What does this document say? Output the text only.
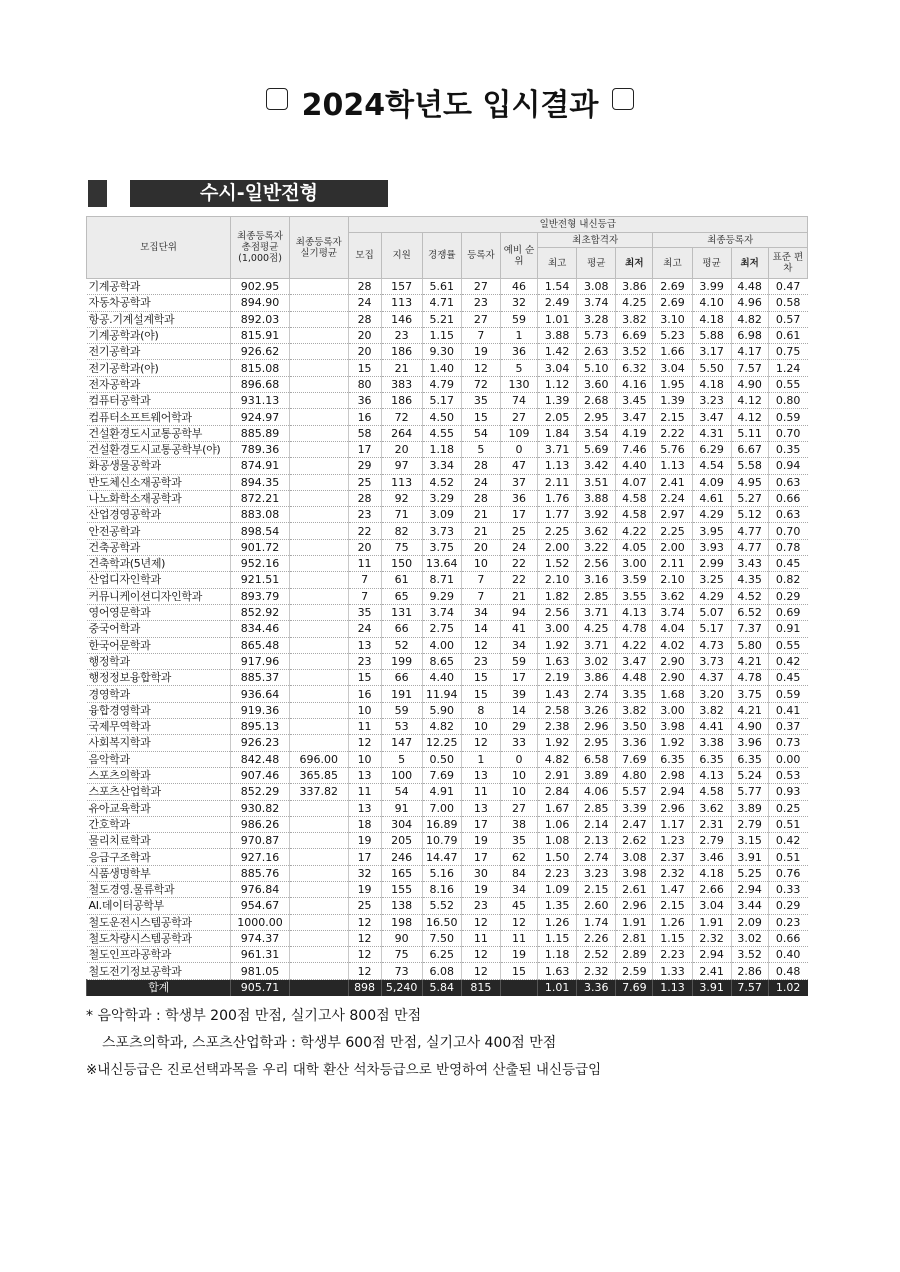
2024학년도 입시결과
수시-일반전형
모집단위	최종등록자 총점평균 (1,000점)	최종등록자 실기평균	일반전형 내신등급											
			모집	지원	경쟁률	등록자	예비 순위	최초합격자			최종등록자			
								최고	평균	최저	최고	평균	최저	표준 편차

기계공학과	902.95		28	157	5.61	27	46	1.54	3.08	3.86	2.69	3.99	4.48	0.47
자동차공학과	894.90		24	113	4.71	23	32	2.49	3.74	4.25	2.69	4.10	4.96	0.58
항공.기계설계학과	892.03		28	146	5.21	27	59	1.01	3.28	3.82	3.10	4.18	4.82	0.57
기계공학과(야)	815.91		20	23	1.15	7	1	3.88	5.73	6.69	5.23	5.88	6.98	0.61
전기공학과	926.62		20	186	9.30	19	36	1.42	2.63	3.52	1.66	3.17	4.17	0.75
전기공학과(야)	815.08		15	21	1.40	12	5	3.04	5.10	6.32	3.04	5.50	7.57	1.24
전자공학과	896.68		80	383	4.79	72	130	1.12	3.60	4.16	1.95	4.18	4.90	0.55
컴퓨터공학과	931.13		36	186	5.17	35	74	1.39	2.68	3.45	1.39	3.23	4.12	0.80
컴퓨터소프트웨어학과	924.97		16	72	4.50	15	27	2.05	2.95	3.47	2.15	3.47	4.12	0.59
건설환경도시교통공학부	885.89		58	264	4.55	54	109	1.84	3.54	4.19	2.22	4.31	5.11	0.70
건설환경도시교통공학부(야)	789.36		17	20	1.18	5	0	3.71	5.69	7.46	5.76	6.29	6.67	0.35
화공생물공학과	874.91		29	97	3.34	28	47	1.13	3.42	4.40	1.13	4.54	5.58	0.94
반도체신소재공학과	894.35		25	113	4.52	24	37	2.11	3.51	4.07	2.41	4.09	4.95	0.63
나노화학소재공학과	872.21		28	92	3.29	28	36	1.76	3.88	4.58	2.24	4.61	5.27	0.66
산업경영공학과	883.08		23	71	3.09	21	17	1.77	3.92	4.58	2.97	4.29	5.12	0.63
안전공학과	898.54		22	82	3.73	21	25	2.25	3.62	4.22	2.25	3.95	4.77	0.70
건축공학과	901.72		20	75	3.75	20	24	2.00	3.22	4.05	2.00	3.93	4.77	0.78
건축학과(5년제)	952.16		11	150	13.64	10	22	1.52	2.56	3.00	2.11	2.99	3.43	0.45
산업디자인학과	921.51		7	61	8.71	7	22	2.10	3.16	3.59	2.10	3.25	4.35	0.82
커뮤니케이션디자인학과	893.79		7	65	9.29	7	21	1.82	2.85	3.55	3.62	4.29	4.52	0.29
영어영문학과	852.92		35	131	3.74	34	94	2.56	3.71	4.13	3.74	5.07	6.52	0.69
중국어학과	834.46		24	66	2.75	14	41	3.00	4.25	4.78	4.04	5.17	7.37	0.91
한국어문학과	865.48		13	52	4.00	12	34	1.92	3.71	4.22	4.02	4.73	5.80	0.55
행정학과	917.96		23	199	8.65	23	59	1.63	3.02	3.47	2.90	3.73	4.21	0.42
행정정보융합학과	885.37		15	66	4.40	15	17	2.19	3.86	4.48	2.90	4.37	4.78	0.45
경영학과	936.64		16	191	11.94	15	39	1.43	2.74	3.35	1.68	3.20	3.75	0.59
융합경영학과	919.36		10	59	5.90	8	14	2.58	3.26	3.82	3.00	3.82	4.21	0.41
국제무역학과	895.13		11	53	4.82	10	29	2.38	2.96	3.50	3.98	4.41	4.90	0.37
사회복지학과	926.23		12	147	12.25	12	33	1.92	2.95	3.36	1.92	3.38	3.96	0.73
음악학과	842.48	696.00	10	5	0.50	1	0	4.82	6.58	7.69	6.35	6.35	6.35	0.00
스포츠의학과	907.46	365.85	13	100	7.69	13	10	2.91	3.89	4.80	2.98	4.13	5.24	0.53
스포츠산업학과	852.29	337.82	11	54	4.91	11	10	2.84	4.06	5.57	2.94	4.58	5.77	0.93
유아교육학과	930.82		13	91	7.00	13	27	1.67	2.85	3.39	2.96	3.62	3.89	0.25
간호학과	986.26		18	304	16.89	17	38	1.06	2.14	2.47	1.17	2.31	2.79	0.51
물리치료학과	970.87		19	205	10.79	19	35	1.08	2.13	2.62	1.23	2.79	3.15	0.42
응급구조학과	927.16		17	246	14.47	17	62	1.50	2.74	3.08	2.37	3.46	3.91	0.51
식품생명학부	885.76		32	165	5.16	30	84	2.23	3.23	3.98	2.32	4.18	5.25	0.76
철도경영.물류학과	976.84		19	155	8.16	19	34	1.09	2.15	2.61	1.47	2.66	2.94	0.33
AI.데이터공학부	954.67		25	138	5.52	23	45	1.35	2.60	2.96	2.15	3.04	3.44	0.29
철도운전시스템공학과	1000.00		12	198	16.50	12	12	1.26	1.74	1.91	1.26	1.91	2.09	0.23
철도차량시스템공학과	974.37		12	90	7.50	11	11	1.15	2.26	2.81	1.15	2.32	3.02	0.66
철도인프라공학과	961.31		12	75	6.25	12	19	1.18	2.52	2.89	2.23	2.94	3.52	0.40
철도전기정보공학과	981.05		12	73	6.08	12	15	1.63	2.32	2.59	1.33	2.41	2.86	0.48
합계	905.71		898	5,240	5.84	815		1.01	3.36	7.69	1.13	3.91	7.57	1.02
* 음악학과 : 학생부 200점 만점, 실기고사 800점 만점
스포츠의학과, 스포츠산업학과 : 학생부 600점 만점, 실기고사 400점 만점
※내신등급은 진로선택과목을 우리 대학 환산 석차등급으로 반영하여 산출된 내신등급임
